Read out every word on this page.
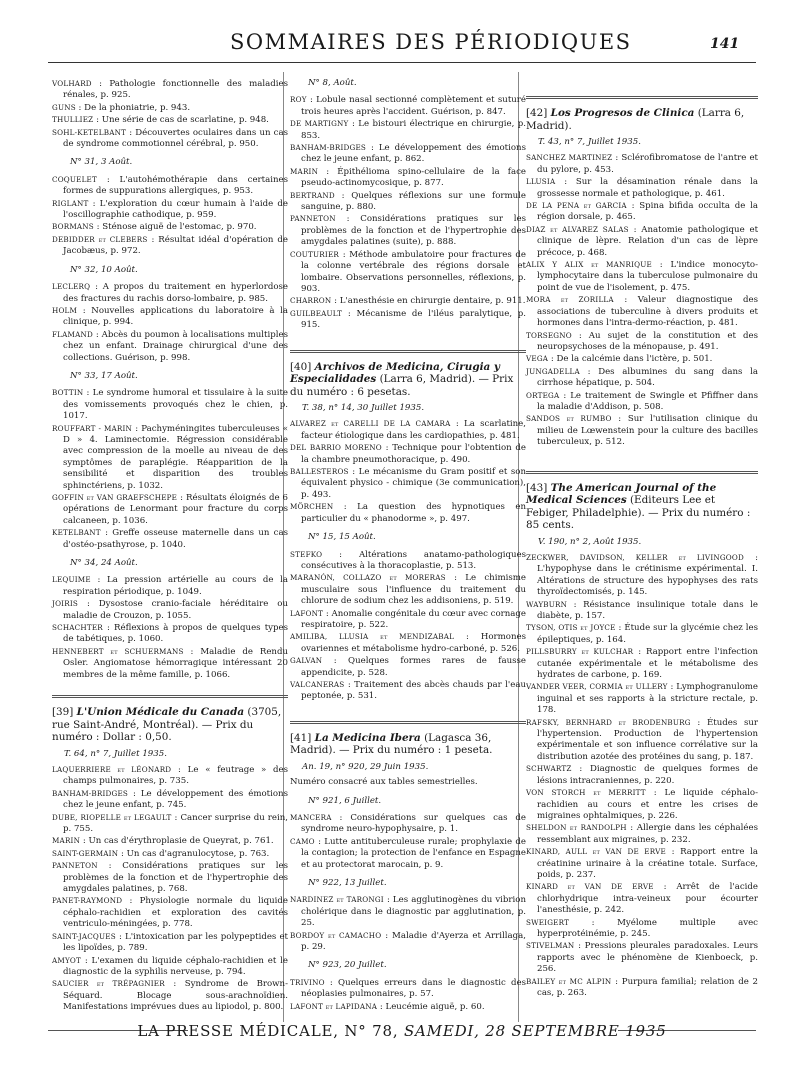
SOMMAIRES DES PÉRIODIQUES	141

VOLHARD : Pathologie fonctionnelle des maladies rénales, p. 925.

GUNS : De la phoniatrie, p. 943.

THULLIEZ : Une série de cas de scarlatine, p. 948.

SOHL-KETELBANT : Découvertes oculaires dans un cas de syndrome commotionnel cérébral, p. 950.

N° 31, 3 Août.

COQUELET : L'autohémothérapie dans certaines formes de suppurations allergiques, p. 953.

RIGLANT : L'exploration du cœur humain à l'aide de l'oscillographie cathodique, p. 959.

BORMANS : Sténose aiguë de l'estomac, p. 970.

DEBIDDER et CLEBERS : Résultat idéal d'opération de Jacobæus, p. 972.

N° 32, 10 Août.

LECLERQ : A propos du traitement en hyperlordose des fractures du rachis dorso-lombaire, p. 985.

HOLM : Nouvelles applications du laboratoire à la clinique, p. 994.

FLAMAND : Abcès du poumon à localisations multiples chez un enfant. Drainage chirurgical d'une des collections. Guérison, p. 998.

N° 33, 17 Août.

BOTTIN : Le syndrome humoral et tissulaire à la suite des vomissements provoqués chez le chien, p. 1017.

ROUFFART - MARIN : Pachyméningites tuberculeuses « D » 4. Laminectomie. Régression considérable avec compression de la moelle au niveau de des symptômes de paraplégie. Réapparition de la sensibilité et disparition des troubles sphinctériens, p. 1032.

GOFFIN et VAN GRAEFSCHEPE : Résultats éloignés de 6 opérations de Lenormant pour fracture du corps calcaneen, p. 1036.

KETELBANT : Greffe osseuse maternelle dans un cas d'ostéo-psathyrose, p. 1040.

N° 34, 24 Août.

LEQUIME : La pression artérielle au cours de la respiration périodique, p. 1049.

JOIRIS : Dysostose cranio-faciale héréditaire ou maladie de Crouzon, p. 1055.

SCHACHTER : Réflexions à propos de quelques types de tabétiques, p. 1060.

HENNEBERT et SCHUERMANS : Maladie de Rendu Osler. Angiomatose hémorragique intéressant 20 membres de la même famille, p. 1066.

[39] L'Union Médicale du Canada (3705, rue Saint-André, Montréal). — Prix du numéro : Dollar : 0,50.
T. 64, n° 7, Juillet 1935.

LAQUERRIERE et LÉONARD : Le « feutrage » des champs pulmonaires, p. 735.

BANHAM-BRIDGES : Le développement des émotions chez le jeune enfant, p. 745.

DUBE, RIOPELLE et LEGAULT : Cancer surprise du rein, p. 755.

MARIN : Un cas d'érythroplasie de Queyrat, p. 761.

SAINT-GERMAIN : Un cas d'agranulocytose, p. 763.

PANNETON : Considérations pratiques sur les problèmes de la fonction et de l'hypertrophie des amygdales palatines, p. 768.

PANET-RAYMOND : Physiologie normale du liquide céphalo-rachidien et exploration des cavités ventriculo-méningées, p. 778.

SAINT-JACQUES : L'intoxication par les polypeptides et les lipoïdes, p. 789.

AMYOT : L'examen du liquide céphalo-rachidien et le diagnostic de la syphilis nerveuse, p. 794.

SAUCIER et TRÉPAGNIER : Syndrome de Brown-Séquard. Blocage sous-arachnoïdien. Manifestations imprévues dues au lipiodol, p. 800.

N° 8, Août.

ROY : Lobule nasal sectionné complètement et suturé trois heures après l'accident. Guérison, p. 847.

DE MARTIGNY : Le bistouri électrique en chirurgie, p. 853.

BANHAM-BRIDGES : Le développement des émotions chez le jeune enfant, p. 862.

MARIN : Épithélioma spino-cellulaire de la face pseudo-actinomycosique, p. 877.

BERTRAND : Quelques réflexions sur une formule sanguine, p. 880.

PANNETON : Considérations pratiques sur les problèmes de la fonction et de l'hypertrophie des amygdales palatines (suite), p. 888.

COUTURIER : Méthode ambulatoire pour fractures de la colonne vertébrale des régions dorsale et lombaire. Observations personnelles, réflexions, p. 903.

CHARRON : L'anesthésie en chirurgie dentaire, p. 911.

GUILBEAULT : Mécanisme de l'iléus paralytique, p. 915.

[40] Archivos de Medicina, Cirugia y Especialidades (Larra 6, Madrid). — Prix du numéro : 6 pesetas.
T. 38, n° 14, 30 Juillet 1935.

ALVAREZ et CARELLI DE LA CAMARA : La scarlatine, facteur étiologique dans les cardiopathies, p. 481.

DEL BARRIO MORENO : Technique pour l'obtention de la chambre pneumothoracique, p. 490.

BALLESTEROS : Le mécanisme du Gram positif et son équivalent physico - chimique (3e communication), p. 493.

MÖRCHEN : La question des hypnotiques en particulier du « phanodorme », p. 497.

N° 15, 15 Août.

STEFKO : Altérations anatamo-pathologiques consécutives à la thoracoplastie, p. 513.

MARANÓN, COLLAZO et MORERAS : Le chimisme musculaire sous l'influence du traitement du chlorure de sodium chez les addisoniens, p. 519.

LAFONT : Anomalie congénitale du cœur avec cornage respiratoire, p. 522.

AMILIBA, LLUSIA et MENDIZABAL : Hormones ovariennes et métabolisme hydro-carboné, p. 526.

GALVAN : Quelques formes rares de fausse appendicite, p. 528.

VALCANERAS : Traitement des abcès chauds par l'eau peptonée, p. 531.

[41] La Medicina Ibera (Lagasca 36, Madrid). — Prix du numéro : 1 peseta.
An. 19, n° 920, 29 Juin 1935.
Numéro consacré aux tables semestrielles.
N° 921, 6 Juillet.

MANCERA : Considérations sur quelques cas de syndrome neuro-hypophysaire, p. 1.

CAMO : Lutte antituberculeuse rurale; prophylaxie de la contagion; la protection de l'enfance en Espagne et au protectorat marocain, p. 9.

N° 922, 13 Juillet.

NARDINEZ et TARONGI : Les agglutinogènes du vibrion cholérique dans le diagnostic par agglutination, p. 25.

BORDOY et CAMACHO : Maladie d'Ayerza et Arrillaga, p. 29.

N° 923, 20 Juillet.

TRIVINO : Quelques erreurs dans le diagnostic des néoplasies pulmonaires, p. 57.

LAFONT et LAPIDANA : Leucémie aiguë, p. 60.

[42] Los Progresos de Clinica (Larra 6, Madrid).
T. 43, n° 7, Juillet 1935.

SANCHEZ MARTINEZ : Sclérofibromatose de l'antre et du pylore, p. 453.

LLUSIA : Sur la désamination rénale dans la grossesse normale et pathologique, p. 461.

DE LA PENA et GARCIA : Spina bifida occulta de la région dorsale, p. 465.

DIAZ et ALVAREZ SALAS : Anatomie pathologique et clinique de lèpre. Relation d'un cas de lèpre précoce, p. 468.

ALIX Y ALIX et MANRIQUE : L'indice monocyto-lymphocytaire dans la tuberculose pulmonaire du point de vue de l'isolement, p. 475.

MORA et ZORILLA : Valeur diagnostique des associations de tuberculine à divers produits et hormones dans l'intra-dermo-réaction, p. 481.

TORSEGNO : Au sujet de la constitution et des neuropsychoses de la ménopause, p. 491.

VEGA : De la calcémie dans l'ictère, p. 501.

JUNGADELLA : Des albumines du sang dans la cirrhose hépatique, p. 504.

ORTEGA : Le traitement de Swingle et Pfiffner dans la maladie d'Addison, p. 508.

SANDOS et RUMBO : Sur l'utilisation clinique du milieu de Lœwenstein pour la culture des bacilles tuberculeux, p. 512.

[43] The American Journal of the Medical Sciences (Editeurs Lee et Febiger, Philadelphie). — Prix du numéro : 85 cents.
V. 190, n° 2, Août 1935.

ZECKWER, DAVIDSON, KELLER et LIVINGOOD : L'hypophyse dans le crétinisme expérimental. I. Altérations de structure des hypophyses des rats thyroïdectomisés, p. 145.

WAYBURN : Résistance insulinique totale dans le diabète, p. 157.

TYSON, OTIS et JOYCE : Étude sur la glycémie chez les épileptiques, p. 164.

PILLSBURRY et KULCHAR : Rapport entre l'infection cutanée expérimentale et le métabolisme des hydrates de carbone, p. 169.

VANDER VEER, CORMIA et ULLERY : Lymphogranulome inguinal et ses rapports à la stricture rectale, p. 178.

RAFSKY, BERNHARD et BRODENBURG : Études sur l'hypertension. Production de l'hypertension expérimentale et son influence corrélative sur la distribution azotée des protéines du sang, p. 187.

SCHWARTZ : Diagnostic de quelques formes de lésions intracraniennes, p. 220.

VON STORCH et MERRITT : Le liquide céphalo-rachidien au cours et entre les crises de migraines ophtalmiques, p. 226.

SHELDON et RANDOLPH : Allergie dans les céphalées ressemblant aux migraines, p. 232.

KINARD, AULL et VAN DE ERVE : Rapport entre la créatinine urinaire à la créatine totale. Surface, poids, p. 237.

KINARD et VAN DE ERVE : Arrêt de l'acide chlorhydrique intra-veineux pour écourter l'anesthésie, p. 242.

SWEIGERT	: Myélome multiple avec hyperprotéinémie, p. 245.

STIVELMAN : Pressions pleurales paradoxales. Leurs rapports avec le phénomène de Kienboeck, p. 256.

BAILEY et MC ALPIN : Purpura familial; relation de 2 cas, p. 263.

LA PRESSE MÉDICALE, N° 78, SAMEDI, 28 SEPTEMBRE 1935
